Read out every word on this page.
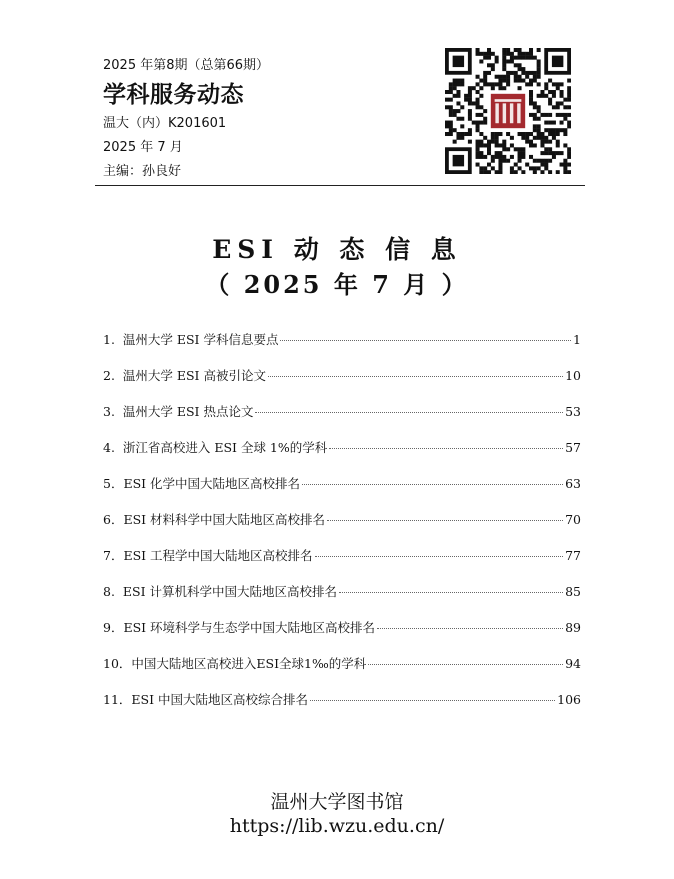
2025 年第8期（总第66期）
学科服务动态
温大（内）K201601
2025 年 7 月
主编：孙良好
ESI 动 态 信 息
（ 2025 年 7 月 ）
1. 温州大学 ESI 学科信息要点	1
2. 温州大学 ESI 高被引论文	10
3. 温州大学 ESI 热点论文	53
4. 浙江省高校进入 ESI 全球 1%的学科	57
5． ESI 化学中国大陆地区高校排名	63
6． ESI 材料科学中国大陆地区高校排名	70
7． ESI 工程学中国大陆地区高校排名	77
8. ESI 计算机科学中国大陆地区高校排名	85
9． ESI 环境科学与生态学中国大陆地区高校排名	89
10． 中国大陆地区高校进入ESI全球1‰的学科	94
11． ESI 中国大陆地区高校综合排名	106
温州大学图书馆
https://lib.wzu.edu.cn/
